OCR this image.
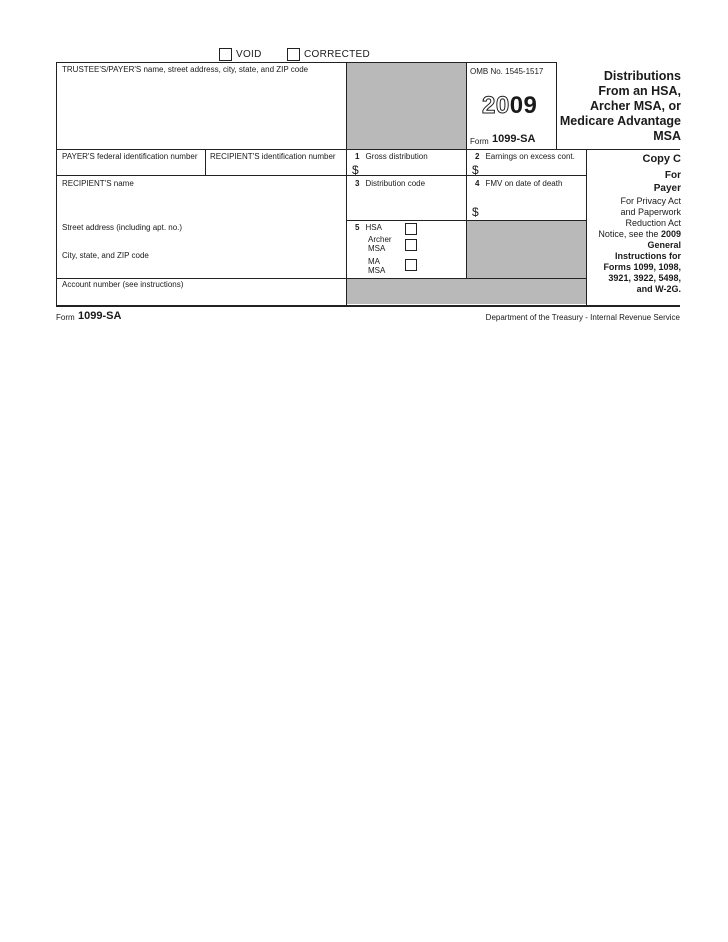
VOID	CORRECTED
TRUSTEE'S/PAYER'S name, street address, city, state, and ZIP code
PAYER'S federal identification number RECIPIENT'S identification number
RECIPIENT'S name
Street address (including apt. no.)
City, state, and ZIP code
Account number (see instructions)
OMB No. 1545-1517
2009
Form 1099-SA
Distributions
From an HSA,
Archer MSA, or
Medicare Advantage
MSA
1 Gross distribution
$
2 Earnings on excess cont.
$
3 Distribution code	4 FMV on date of death
$
5 HSA
Archer
MSA
MA
MSA
Copy C
For
Payer
For Privacy Act
and Paperwork
Reduction Act
Notice, see the 2009
General
Instructions for
Forms 1099, 1098,
3921, 3922, 5498,
and W-2G.
Form 1099-SA	Department of the Treasury - Internal Revenue Service
